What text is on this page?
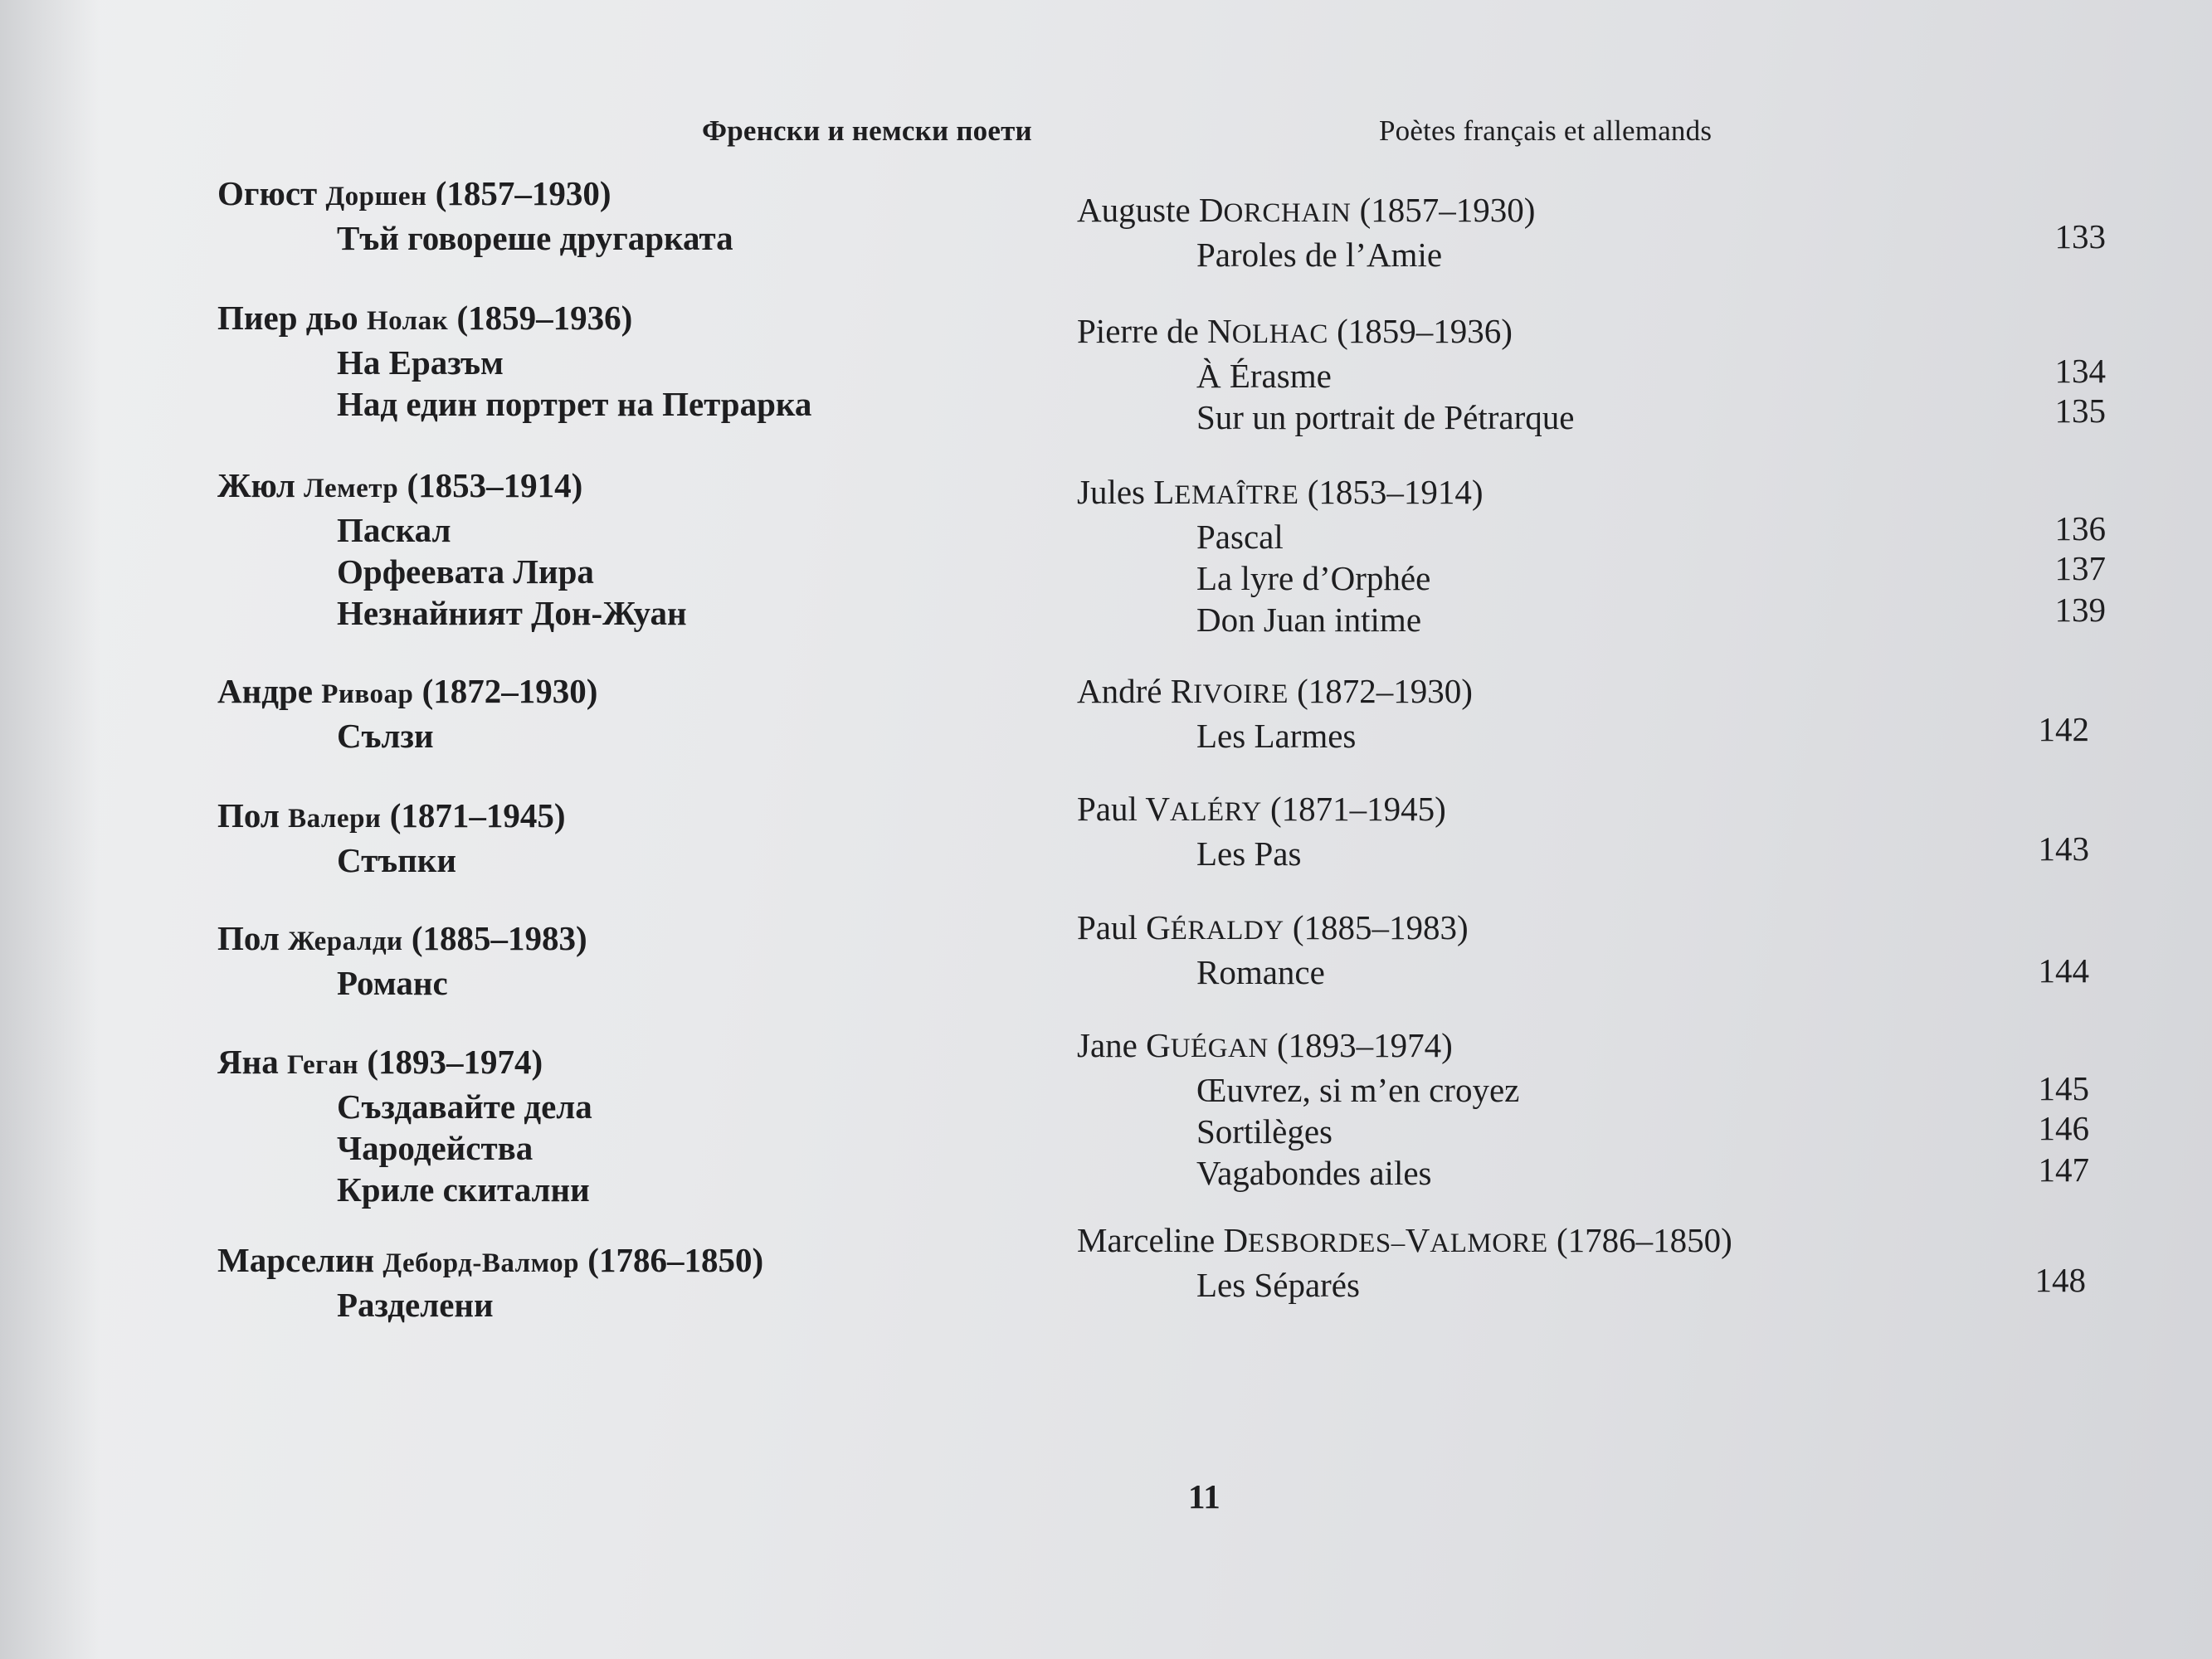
Френски и немски поети	Poètes français et allemands
Огюст Доршен (1857–1930)
Тъй говореше другарката
Пиер дьо Нолак (1859–1936)
На Еразъм
Над един портрет на Петрарка
Жюл Леметр (1853–1914)
Паскал
Орфеевата Лира
Незнайният Дон-Жуан
Андре Ривоар (1872–1930)
Сълзи
Пол Валери (1871–1945)
Стъпки
Пол Жералди (1885–1983)
Романс
Яна Геган (1893–1974)
Създавайте дела
Чародейства
Криле скитални
Марселин Деборд-Валмор (1786–1850)
Разделени
Auguste DORCHAIN (1857–1930)
Paroles de l’Amie	133
Pierre de NOLHAC (1859–1936)
À Érasme	134
Sur un portrait de Pétrarque	135
Jules LEMAÎTRE (1853–1914)
Pascal	136
La lyre d’Orphée	137
Don Juan intime	139
André RIVOIRE (1872–1930)
Les Larmes	142
Paul VALÉRY (1871–1945)
Les Pas	143
Paul GÉRALDY (1885–1983)
Romance	144
Jane GUÉGAN (1893–1974)
Œuvrez, si m’en croyez	145
Sortilèges	146
Vagabondes ailes	147
Marceline DESBORDES–VALMORE (1786–1850)
Les Séparés	148
11
